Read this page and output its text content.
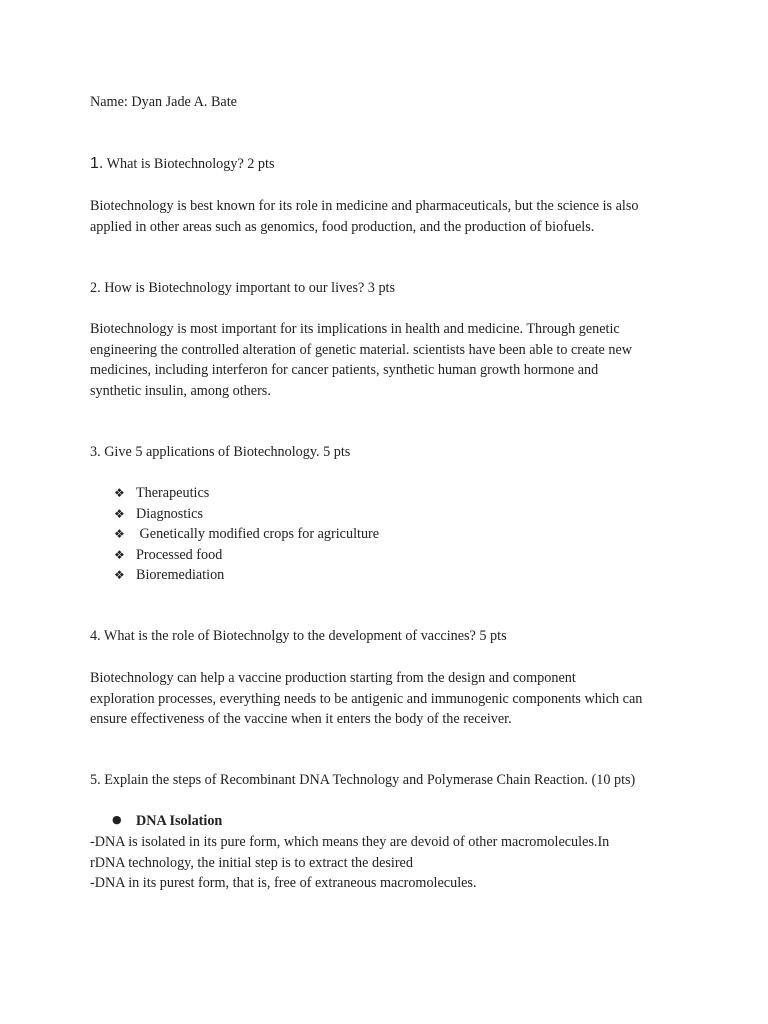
Name: Dyan Jade A. Bate

1. What is Biotechnology? 2 pts

Biotechnology is best known for its role in medicine and pharmaceuticals, but the science is also
applied in other areas such as genomics, food production, and the production of biofuels.

2. How is Biotechnology important to our lives? 3 pts

Biotechnology is most important for its implications in health and medicine. Through genetic
engineering the controlled alteration of genetic material. scientists have been able to create new
medicines, including interferon for cancer patients, synthetic human growth hormone and
synthetic insulin, among others.

3. Give 5 applications of Biotechnology. 5 pts

❖ Therapeutics
❖ Diagnostics
❖ Genetically modified crops for agriculture
❖ Processed food
❖ Bioremediation

4. What is the role of Biotechnolgy to the development of vaccines? 5 pts

Biotechnology can help a vaccine production starting from the design and component
exploration processes, everything needs to be antigenic and immunogenic components which can
ensure effectiveness of the vaccine when it enters the body of the receiver.

5. Explain the steps of Recombinant DNA Technology and Polymerase Chain Reaction. (10 pts)

● DNA Isolation
-DNA is isolated in its pure form, which means they are devoid of other macromolecules.In
rDNA technology, the initial step is to extract the desired
-DNA in its purest form, that is, free of extraneous macromolecules.
